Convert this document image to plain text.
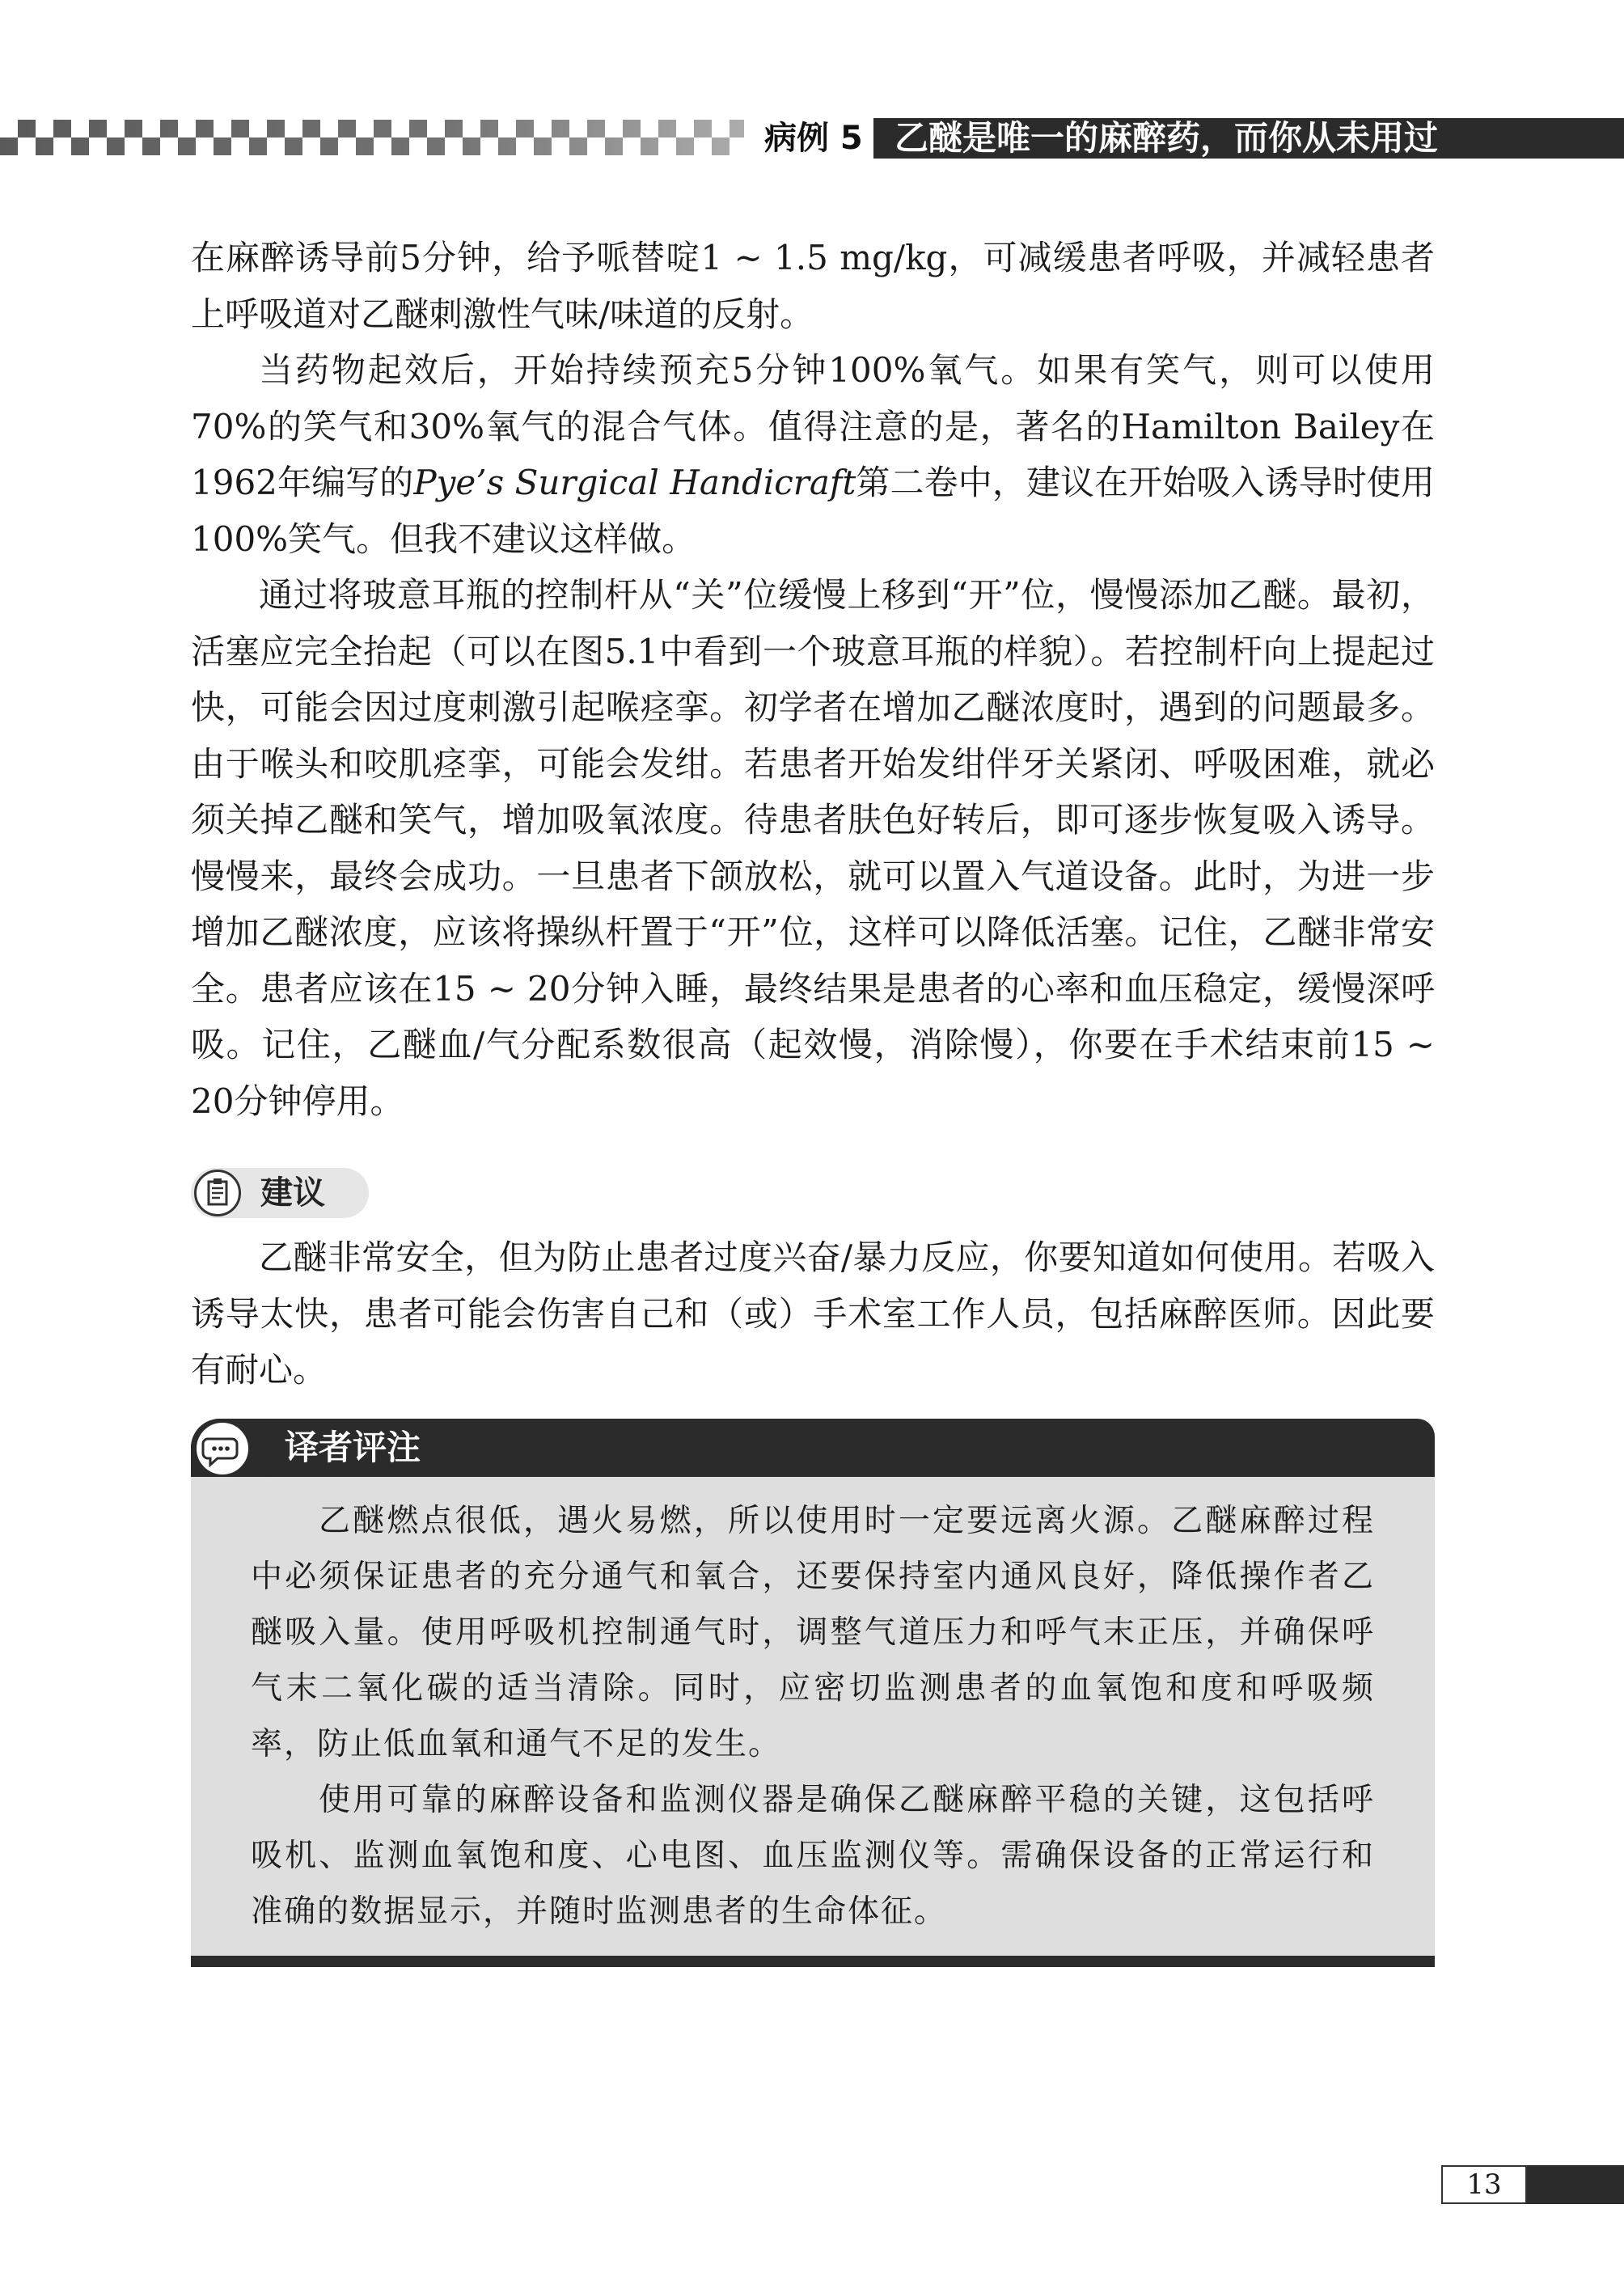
病例 5 乙醚是唯一的麻醉药，而你从未用过

在麻醉诱导前5分钟，给予哌替啶1 ~ 1.5 mg/kg，可减缓患者呼吸，并减轻患者上呼吸道对乙醚刺激性气味/味道的反射。

当药物起效后，开始持续预充5分钟100%氧气。如果有笑气，则可以使用70%的笑气和30%氧气的混合气体。值得注意的是，著名的Hamilton Bailey在1962年编写的Pye’s Surgical Handicraft第二卷中，建议在开始吸入诱导时使用100%笑气。但我不建议这样做。

通过将玻意耳瓶的控制杆从“关”位缓慢上移到“开”位，慢慢添加乙醚。最初，活塞应完全抬起（可以在图5.1中看到一个玻意耳瓶的样貌）。若控制杆向上提起过快，可能会因过度刺激引起喉痉挛。初学者在增加乙醚浓度时，遇到的问题最多。由于喉头和咬肌痉挛，可能会发绀。若患者开始发绀伴牙关紧闭、呼吸困难，就必须关掉乙醚和笑气，增加吸氧浓度。待患者肤色好转后，即可逐步恢复吸入诱导。慢慢来，最终会成功。一旦患者下颌放松，就可以置入气道设备。此时，为进一步增加乙醚浓度，应该将操纵杆置于“开”位，这样可以降低活塞。记住，乙醚非常安全。患者应该在15 ~ 20分钟入睡，最终结果是患者的心率和血压稳定，缓慢深呼吸。记住，乙醚血/气分配系数很高（起效慢，消除慢），你要在手术结束前15 ~ 20分钟停用。

建议

乙醚非常安全，但为防止患者过度兴奋/暴力反应，你要知道如何使用。若吸入诱导太快，患者可能会伤害自己和（或）手术室工作人员，包括麻醉医师。因此要有耐心。

译者评注

乙醚燃点很低，遇火易燃，所以使用时一定要远离火源。乙醚麻醉过程中必须保证患者的充分通气和氧合，还要保持室内通风良好，降低操作者乙醚吸入量。使用呼吸机控制通气时，调整气道压力和呼气末正压，并确保呼气末二氧化碳的适当清除。同时，应密切监测患者的血氧饱和度和呼吸频率，防止低血氧和通气不足的发生。

使用可靠的麻醉设备和监测仪器是确保乙醚麻醉平稳的关键，这包括呼吸机、监测血氧饱和度、心电图、血压监测仪等。需确保设备的正常运行和准确的数据显示，并随时监测患者的生命体征。

13
